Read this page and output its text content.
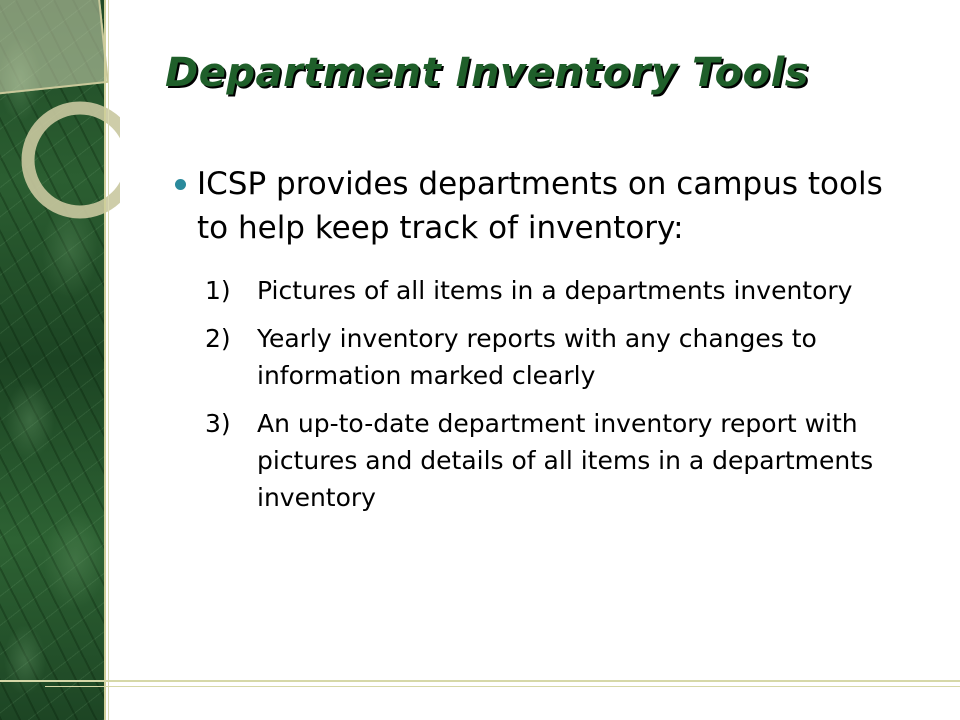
Department Inventory Tools
ICSP provides departments on campus tools to help keep track of inventory:
1) Pictures of all items in a departments inventory
2) Yearly inventory reports with any changes to information marked clearly
3) An up-to-date department inventory report with pictures and details of all items in a departments inventory
